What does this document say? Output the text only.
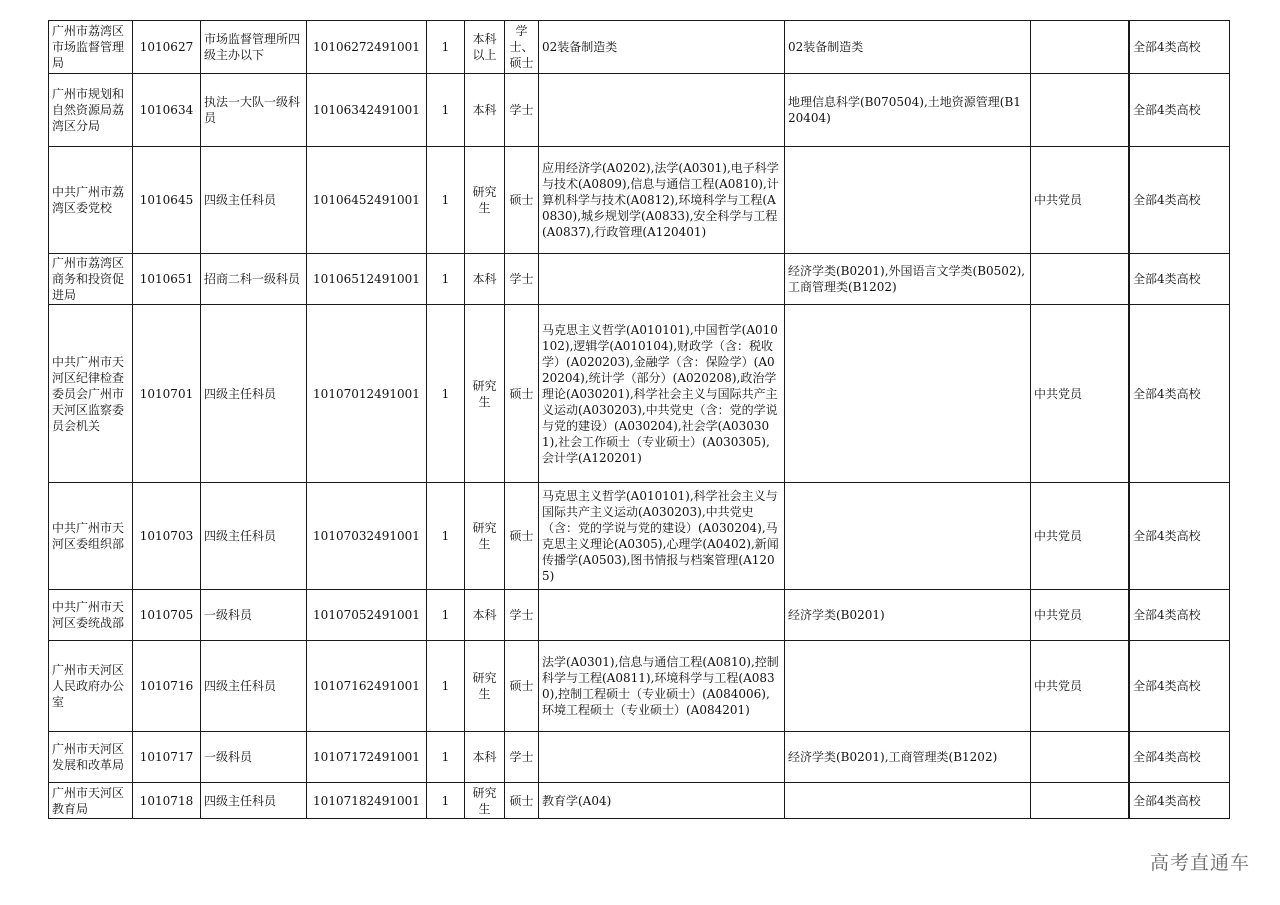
广州市荔湾区市场监督管理局	1010627	市场监督管理所四级主办以下	10106272491001	1	本科以上	学士、硕士	02装备制造类	02装备制造类			全部4类高校
广州市规划和自然资源局荔湾区分局	1010634	执法一大队一级科员	10106342491001	1	本科	学士		地理信息科学(B070504),土地资源管理(B120404)			全部4类高校
中共广州市荔湾区委党校	1010645	四级主任科员	10106452491001	1	研究生	硕士	应用经济学(A0202),法学(A0301),电子科学与技术(A0809),信息与通信工程(A0810),计算机科学与技术(A0812),环境科学与工程(A0830),城乡规划学(A0833),安全科学与工程(A0837),行政管理(A120401)		中共党员		全部4类高校
广州市荔湾区商务和投资促进局	1010651	招商二科一级科员	10106512491001	1	本科	学士		经济学类(B0201),外国语言文学类(B0502),工商管理类(B1202)			全部4类高校
中共广州市天河区纪律检查委员会广州市天河区监察委员会机关	1010701	四级主任科员	10107012491001	1	研究生	硕士	马克思主义哲学(A010101),中国哲学(A010102),逻辑学(A010104),财政学（含：税收学）(A020203),金融学（含：保险学）(A020204),统计学（部分）(A020208),政治学理论(A030201),科学社会主义与国际共产主义运动(A030203),中共党史（含：党的学说与党的建设）(A030204),社会学(A030301),社会工作硕士（专业硕士）(A030305),会计学(A120201)		中共党员		全部4类高校
中共广州市天河区委组织部	1010703	四级主任科员	10107032491001	1	研究生	硕士	马克思主义哲学(A010101),科学社会主义与国际共产主义运动(A030203),中共党史（含：党的学说与党的建设）(A030204),马克思主义理论(A0305),心理学(A0402),新闻传播学(A0503),图书情报与档案管理(A1205)		中共党员		全部4类高校
中共广州市天河区委统战部	1010705	一级科员	10107052491001	1	本科	学士		经济学类(B0201)	中共党员		全部4类高校
广州市天河区人民政府办公室	1010716	四级主任科员	10107162491001	1	研究生	硕士	法学(A0301),信息与通信工程(A0810),控制科学与工程(A0811),环境科学与工程(A0830),控制工程硕士（专业硕士）(A084006),环境工程硕士（专业硕士）(A084201)		中共党员		全部4类高校
广州市天河区发展和改革局	1010717	一级科员	10107172491001	1	本科	学士		经济学类(B0201),工商管理类(B1202)			全部4类高校
广州市天河区教育局	1010718	四级主任科员	10107182491001	1	研究生	硕士	教育学(A04)				全部4类高校
高考直通车
